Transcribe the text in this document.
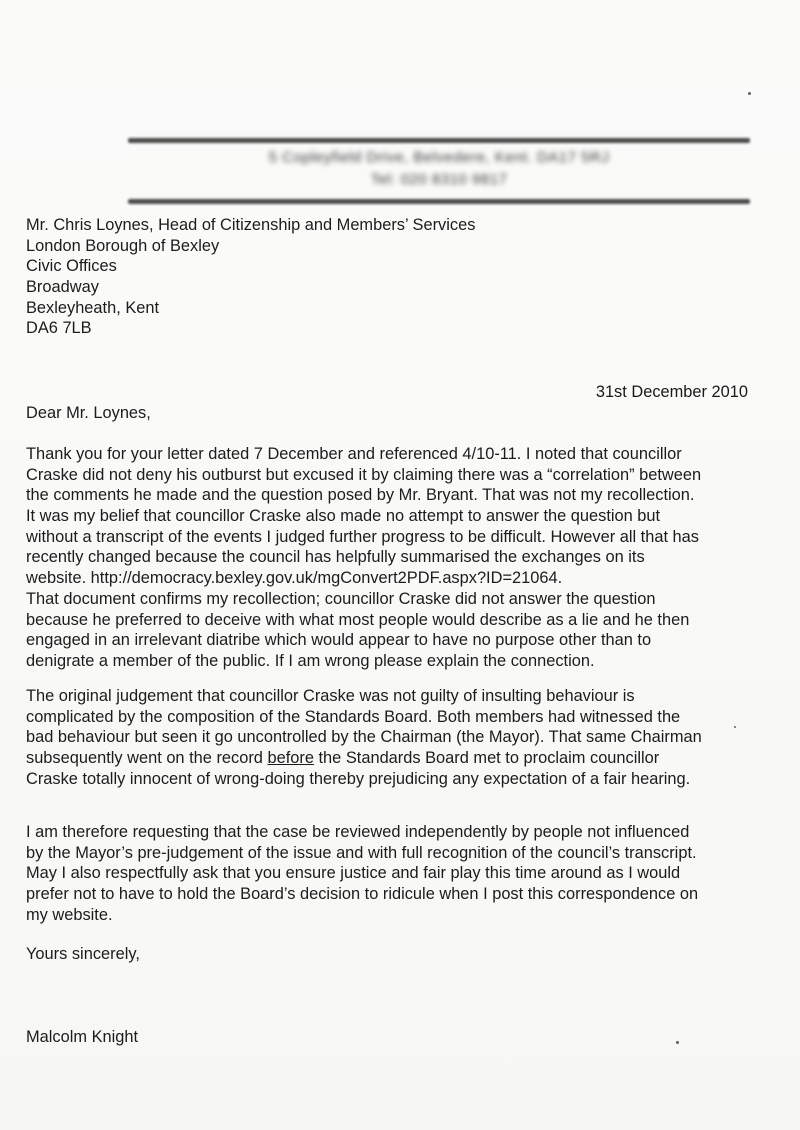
5 Copleyfield Drive, Belvedere, Kent. DA17 5RJ
Tel: 020 8310 9817
Mr. Chris Loynes, Head of Citizenship and Members’ Services
London Borough of Bexley
Civic Offices
Broadway
Bexleyheath, Kent
DA6 7LB
31st December 2010
Dear Mr. Loynes,
Thank you for your letter dated 7 December and referenced 4/10-11. I noted that councillor
Craske did not deny his outburst but excused it by claiming there was a “correlation” between
the comments he made and the question posed by Mr. Bryant. That was not my recollection.
It was my belief that councillor Craske also made no attempt to answer the question but
without a transcript of the events I judged further progress to be difficult. However all that has
recently changed because the council has helpfully summarised the exchanges on its
website. http://democracy.bexley.gov.uk/mgConvert2PDF.aspx?ID=21064.
That document confirms my recollection; councillor Craske did not answer the question
because he preferred to deceive with what most people would describe as a lie and he then
engaged in an irrelevant diatribe which would appear to have no purpose other than to
denigrate a member of the public. If I am wrong please explain the connection.
The original judgement that councillor Craske was not guilty of insulting behaviour is
complicated by the composition of the Standards Board. Both members had witnessed the
bad behaviour but seen it go uncontrolled by the Chairman (the Mayor). That same Chairman
subsequently went on the record before the Standards Board met to proclaim councillor
Craske totally innocent of wrong-doing thereby prejudicing any expectation of a fair hearing.
I am therefore requesting that the case be reviewed independently by people not influenced
by the Mayor’s pre-judgement of the issue and with full recognition of the council’s transcript.
May I also respectfully ask that you ensure justice and fair play this time around as I would
prefer not to have to hold the Board’s decision to ridicule when I post this correspondence on
my website.
Yours sincerely,
Malcolm Knight
